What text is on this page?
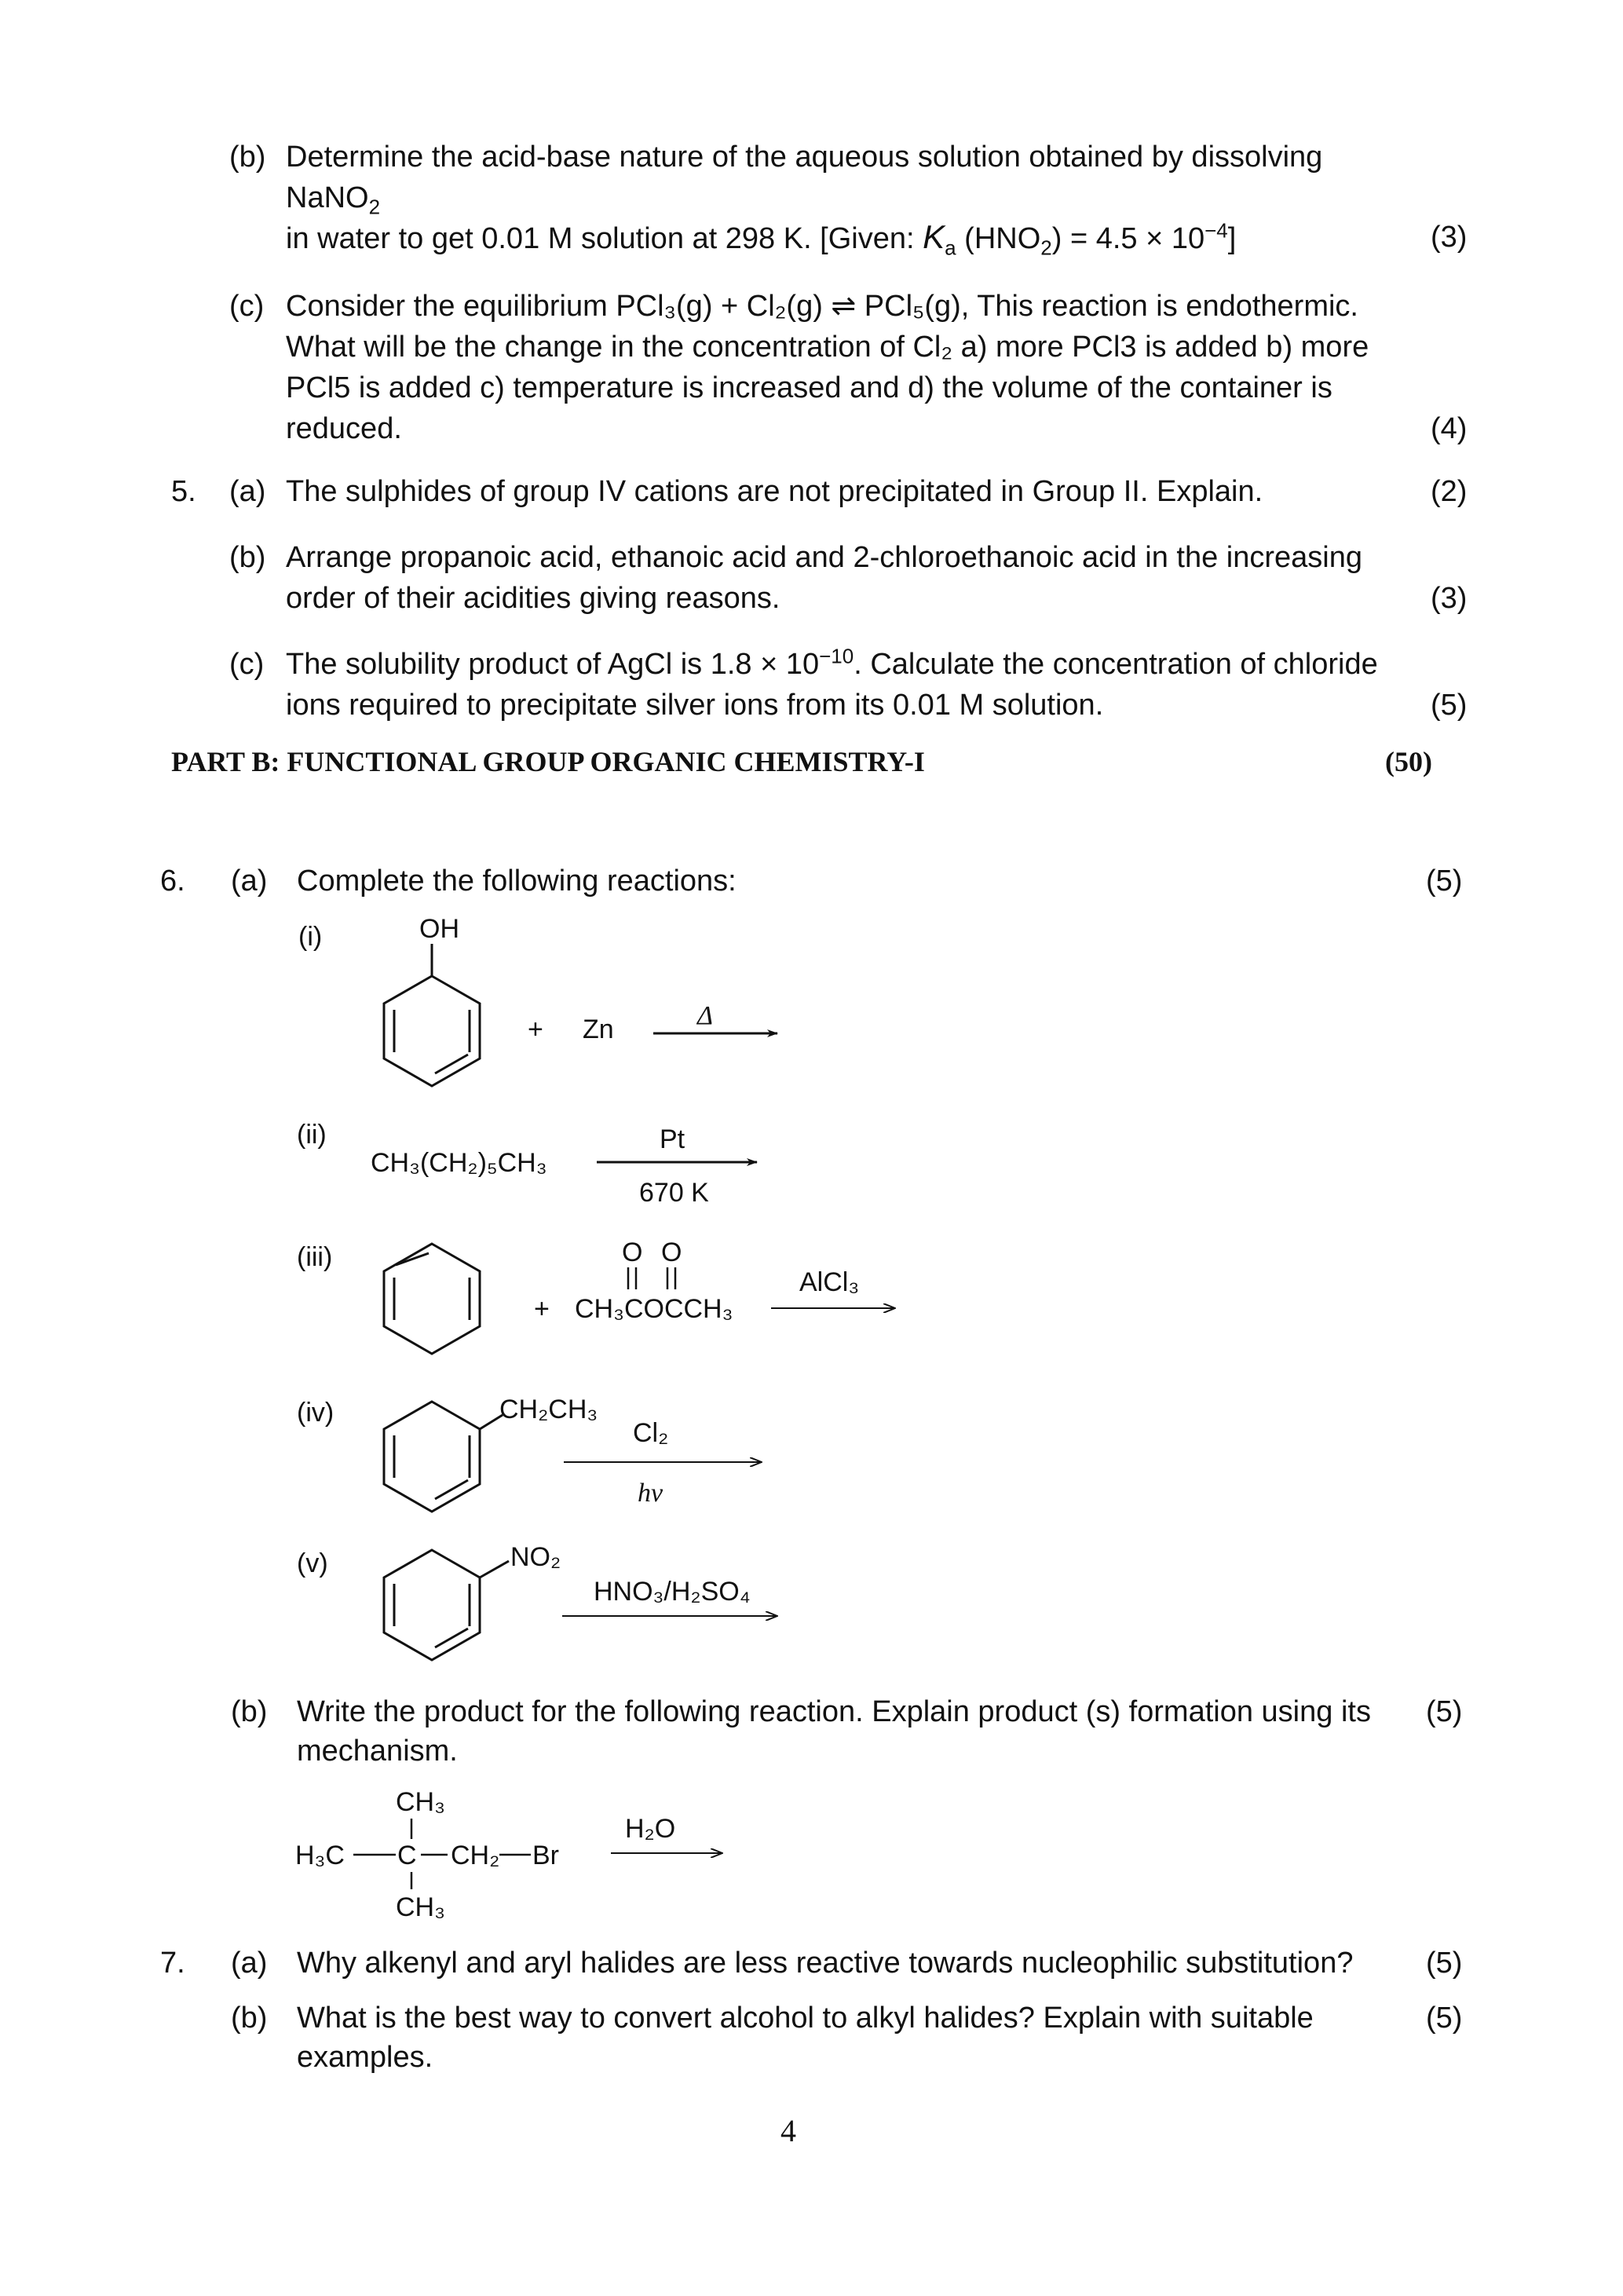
(b) Determine the acid-base nature of the aqueous solution obtained by dissolving
NaNO$_2$
in water to get 0.01 M solution at 298 K. [Given: $K_a$ $(HNO_2) = 4.5 \times 10^{-4}$]	(3)
(c) Consider the equilibrium PCl₃(g) + Cl₂(g) ⇌ PCl₅(g), This reaction is endothermic.
What will be the change in the concentration of Cl₂ a) more PCl3 is added b) more
PCl5 is added c) temperature is increased and d) the volume of the container is
reduced.	(4)
5. (a) The sulphides of group IV cations are not precipitated in Group II. Explain.	(2)
(b) Arrange propanoic acid, ethanoic acid and 2-chloroethanoic acid in the increasing
order of their acidities giving reasons.	(3)
(c) The solubility product of AgCl is $1.8 \times 10^{-10}$. Calculate the concentration of chloride
ions required to precipitate silver ions from its 0.01 M solution.	(5)
PART B: FUNCTIONAL GROUP ORGANIC CHEMISTRY-I	(50)
6. (a) Complete the following reactions:	(5)
(i)	OH
+ Zn	Δ
(ii)
CH₃(CH₂)₅CH₃
Pt
670 K
(iii)
+
O O
CH₃COCCH₃
AlCl₃
(iv)	CH₂CH₃
Cl₂
hv
(v)	NO₂
HNO₃/H₂SO₄
CH₃
H₃C C CH₂ Br
CH₃
H₂O
(b) Write the product for the following reaction. Explain product (s) formation using its
mechanism.
(5)
7. (a) Why alkenyl and aryl halides are less reactive towards nucleophilic substitution? (5)
(b) What is the best way to convert alcohol to alkyl halides? Explain with suitable
examples.
(5)
4
